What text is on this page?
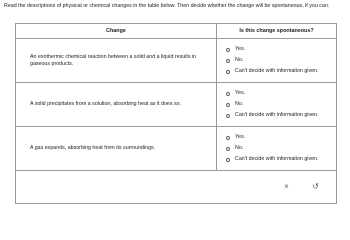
Read the descriptions of physical or chemical changes in the table below. Then decide whether the change will be spontaneous, if you can.
Change	Is this change spontaneous?
An exothermic chemical reaction between a solid and a liquid results in gaseous products.
Yes.
No.
Can't decide with information given.
A solid precipitates from a solution, absorbing heat as it does so.
Yes.
No.
Can't decide with information given.
A gas expands, absorbing heat from its surroundings.
Yes.
No.
Can't decide with information given.
×	↺
